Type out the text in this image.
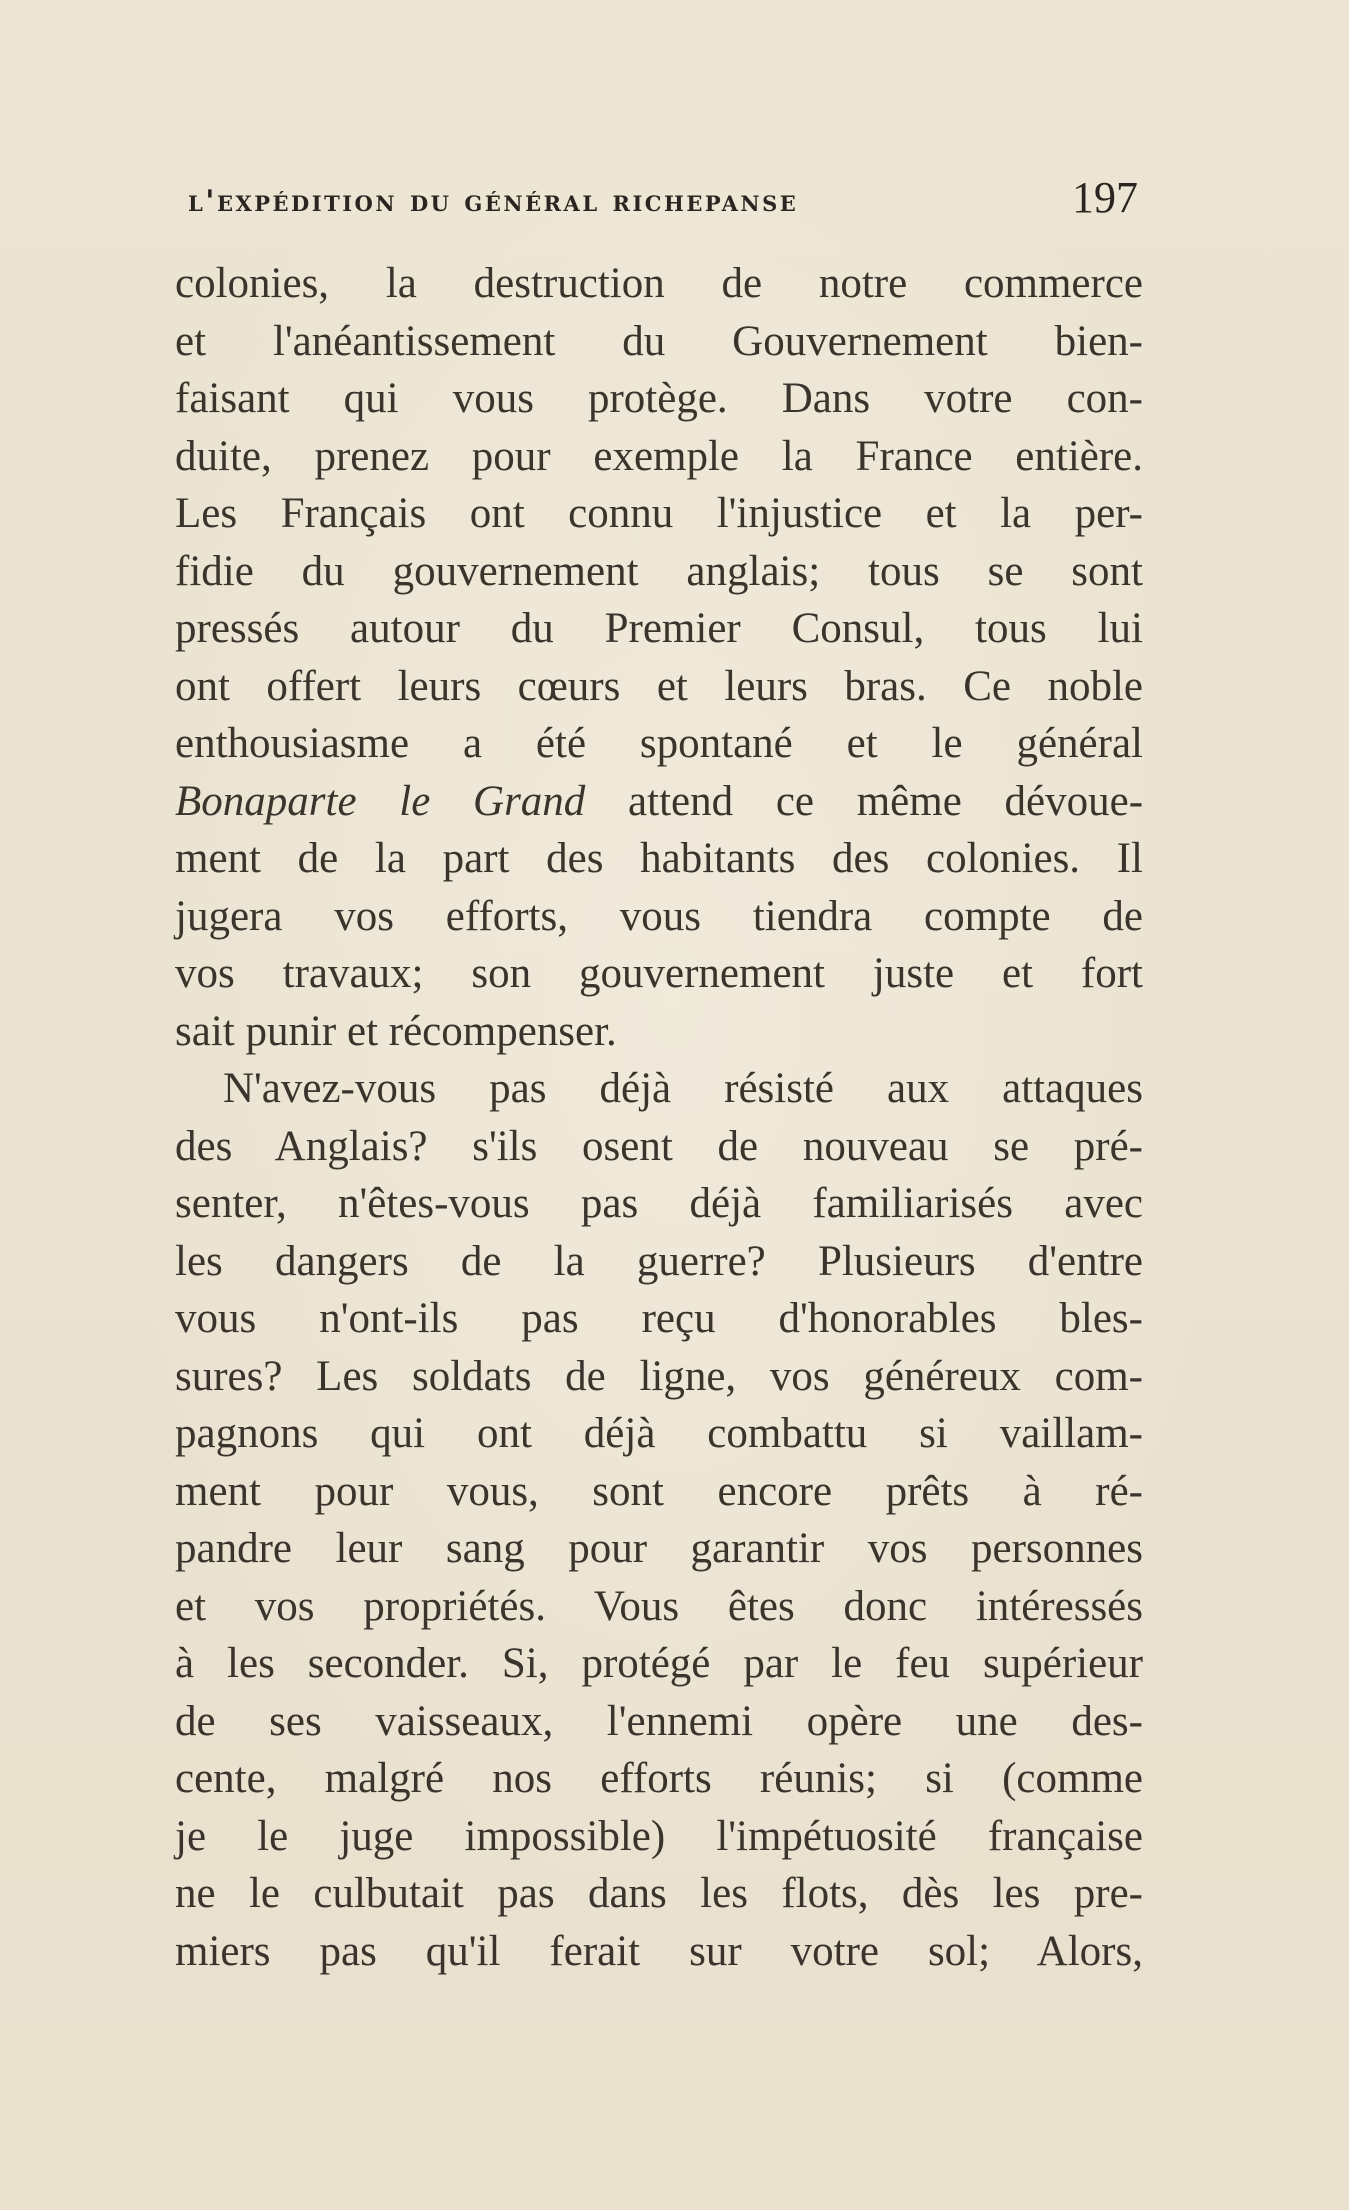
l'expédition du général richepanse	197
colonies, la destruction de notre commerce
et l'anéantissement du Gouvernement bien-
faisant qui vous protège. Dans votre con-
duite, prenez pour exemple la France entière.
Les Français ont connu l'injustice et la per-
fidie du gouvernement anglais; tous se sont
pressés autour du Premier Consul, tous lui
ont offert leurs cœurs et leurs bras. Ce noble
enthousiasme a été spontané et le général
Bonaparte le Grand attend ce même dévoue-
ment de la part des habitants des colonies. Il
jugera vos efforts, vous tiendra compte de
vos travaux; son gouvernement juste et fort
sait punir et récompenser.
N'avez-vous pas déjà résisté aux attaques
des Anglais? s'ils osent de nouveau se pré-
senter, n'êtes-vous pas déjà familiarisés avec
les dangers de la guerre? Plusieurs d'entre
vous n'ont-ils pas reçu d'honorables bles-
sures? Les soldats de ligne, vos généreux com-
pagnons qui ont déjà combattu si vaillam-
ment pour vous, sont encore prêts à ré-
pandre leur sang pour garantir vos personnes
et vos propriétés. Vous êtes donc intéressés
à les seconder. Si, protégé par le feu supérieur
de ses vaisseaux, l'ennemi opère une des-
cente, malgré nos efforts réunis; si (comme
je le juge impossible) l'impétuosité française
ne le culbutait pas dans les flots, dès les pre-
miers pas qu'il ferait sur votre sol; Alors,
